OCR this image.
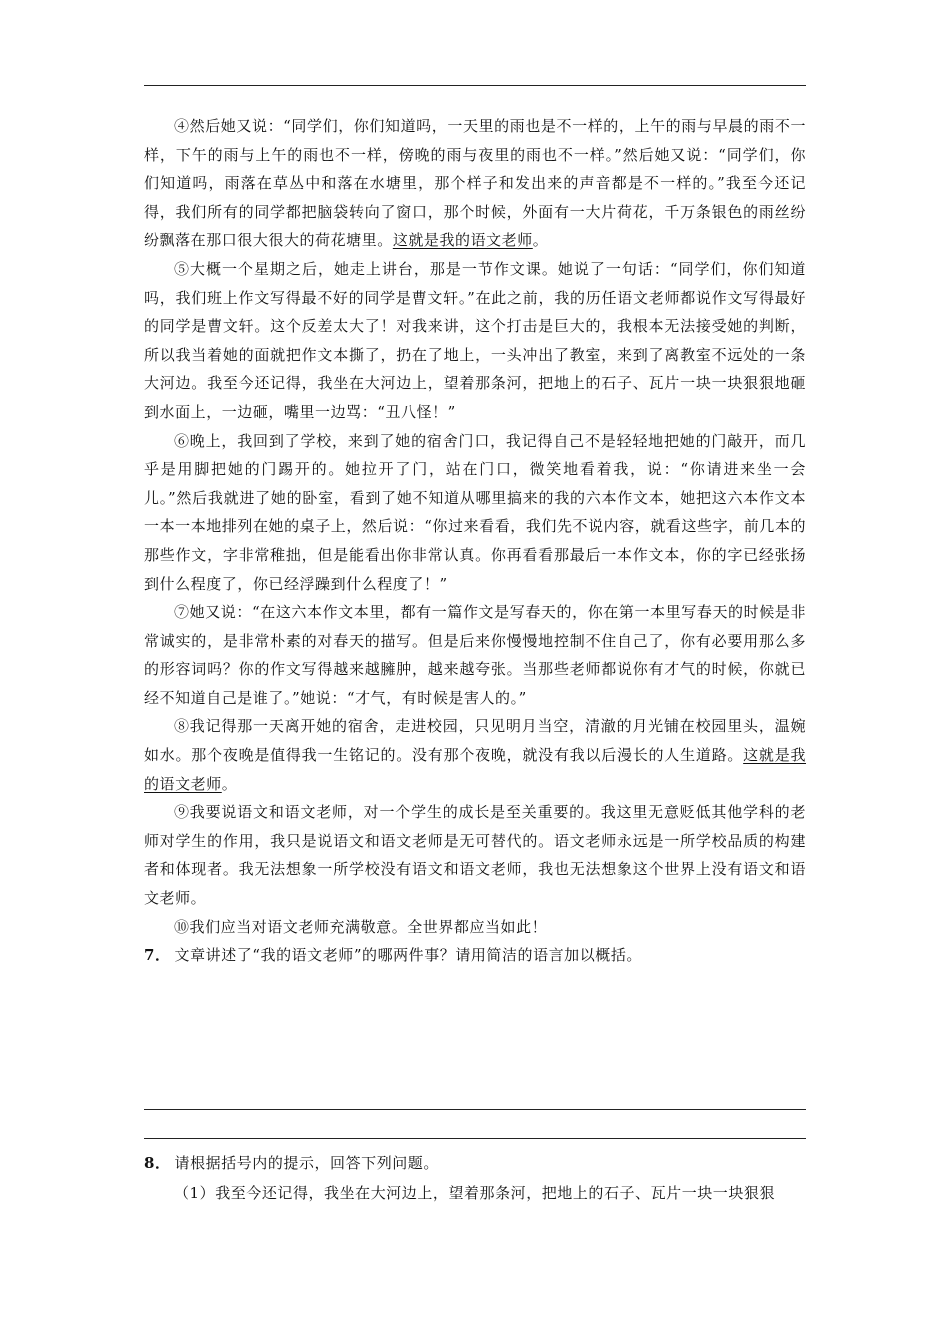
④然后她又说：“同学们，你们知道吗，一天里的雨也是不一样的，上午的雨与早晨的雨不一样，下午的雨与上午的雨也不一样，傍晚的雨与夜里的雨也不一样。”然后她又说：“同学们，你们知道吗，雨落在草丛中和落在水塘里，那个样子和发出来的声音都是不一样的。”我至今还记得，我们所有的同学都把脑袋转向了窗口，那个时候，外面有一大片荷花，千万条银色的雨丝纷纷飘落在那口很大很大的荷花塘里。这就是我的语文老师。

⑤大概一个星期之后，她走上讲台，那是一节作文课。她说了一句话：“同学们，你们知道吗，我们班上作文写得最不好的同学是曹文轩。”在此之前，我的历任语文老师都说作文写得最好的同学是曹文轩。这个反差太大了！对我来讲，这个打击是巨大的，我根本无法接受她的判断，所以我当着她的面就把作文本撕了，扔在了地上，一头冲出了教室，来到了离教室不远处的一条大河边。我至今还记得，我坐在大河边上，望着那条河，把地上的石子、瓦片一块一块狠狠地砸到水面上，一边砸，嘴里一边骂：“丑八怪！”

⑥晚上，我回到了学校，来到了她的宿舍门口，我记得自己不是轻轻地把她的门敲开，而几乎是用脚把她的门踢开的。她拉开了门，站在门口，微笑地看着我，说：“你请进来坐一会儿。”然后我就进了她的卧室，看到了她不知道从哪里搞来的我的六本作文本，她把这六本作文本一本一本地排列在她的桌子上，然后说：“你过来看看，我们先不说内容，就看这些字，前几本的那些作文，字非常稚拙，但是能看出你非常认真。你再看看那最后一本作文本，你的字已经张扬到什么程度了，你已经浮躁到什么程度了！”

⑦她又说：“在这六本作文本里，都有一篇作文是写春天的，你在第一本里写春天的时候是非常诚实的，是非常朴素的对春天的描写。但是后来你慢慢地控制不住自己了，你有必要用那么多的形容词吗？你的作文写得越来越臃肿，越来越夸张。当那些老师都说你有才气的时候，你就已经不知道自己是谁了。”她说：“才气，有时候是害人的。”

⑧我记得那一天离开她的宿舍，走进校园，只见明月当空，清澈的月光铺在校园里头，温婉如水。那个夜晚是值得我一生铭记的。没有那个夜晚，就没有我以后漫长的人生道路。这就是我的语文老师。

⑨我要说语文和语文老师，对一个学生的成长是至关重要的。我这里无意贬低其他学科的老师对学生的作用，我只是说语文和语文老师是无可替代的。语文老师永远是一所学校品质的构建者和体现者。我无法想象一所学校没有语文和语文老师，我也无法想象这个世界上没有语文和语文老师。

⑩我们应当对语文老师充满敬意。全世界都应当如此！

7． 文章讲述了“我的语文老师”的哪两件事？请用简洁的语言加以概括。

8． 请根据括号内的提示，回答下列问题。

（1）我至今还记得，我坐在大河边上，望着那条河，把地上的石子、瓦片一块一块狠狠
